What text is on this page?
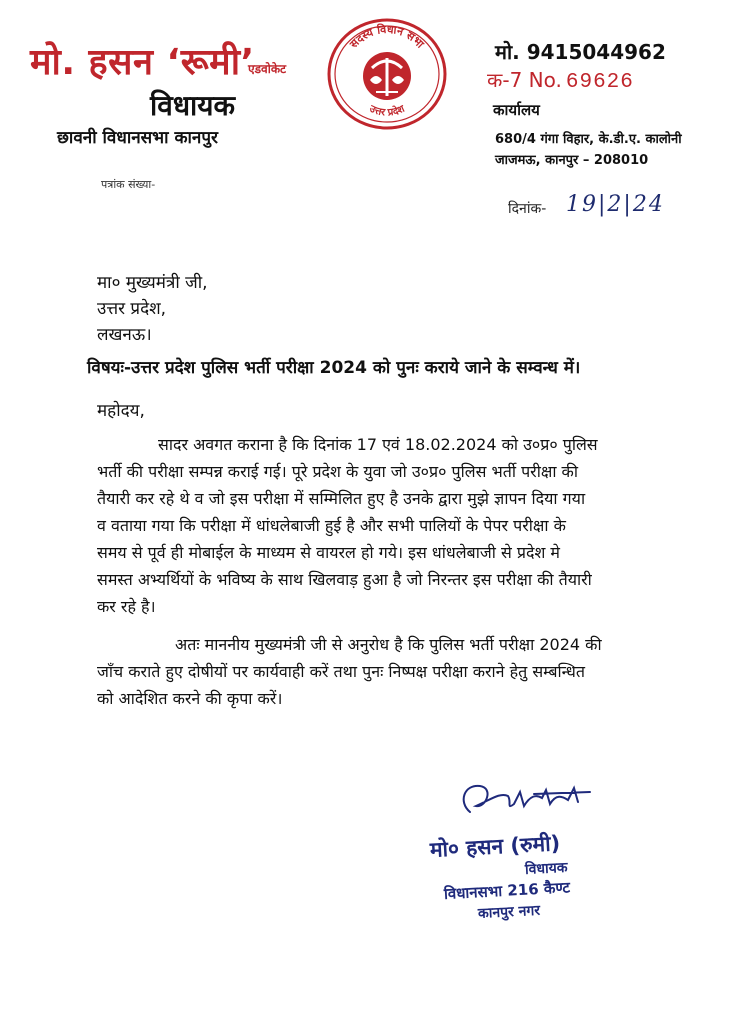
मो. हसन ‘रूमी’
एडवोकेट
विधायक
छावनी विधानसभा कानपुर
सदस्य विधान सभा
उत्तर प्रदेश
मो. 9415044962
क-7 No. 69626
कार्यालय
680/4 गंगा विहार, के.डी.ए. कालोनी
जाजमऊ, कानपुर – 208010
पत्रांक संख्या-
दिनांक- 19|2|24
मा० मुख्यमंत्री जी,
उत्तर प्रदेश,
लखनऊ।
विषयः-उत्तर प्रदेश पुलिस भर्ती परीक्षा 2024 को पुनः कराये जाने के सम्वन्ध में।
महोदय,
सादर अवगत कराना है कि दिनांक 17 एवं 18.02.2024 को उ०प्र० पुलिस
भर्ती की परीक्षा सम्पन्न कराई गई। पूरे प्रदेश के युवा जो उ०प्र० पुलिस भर्ती परीक्षा की
तैयारी कर रहे थे व जो इस परीक्षा में सम्मिलित हुए है उनके द्वारा मुझे ज्ञापन दिया गया
व वताया गया कि परीक्षा में धांधलेबाजी हुई है और सभी पालियों के पेपर परीक्षा के
समय से पूर्व ही मोबाईल के माध्यम से वायरल हो गये। इस धांधलेबाजी से प्रदेश मे
समस्त अभ्यर्थियों के भविष्य के साथ खिलवाड़ हुआ है जो निरन्तर इस परीक्षा की तैयारी
कर रहे है।
अतः माननीय मुख्यमंत्री जी से अनुरोध है कि पुलिस भर्ती परीक्षा 2024 की
जाँच कराते हुए दोषीयों पर कार्यवाही करें तथा पुनः निष्पक्ष परीक्षा कराने हेतु सम्बन्धित
को आदेशित करने की कृपा करें।
मो० हसन (रुमी)
विधायक
विधानसभा 216 कैण्ट
कानपुर नगर
